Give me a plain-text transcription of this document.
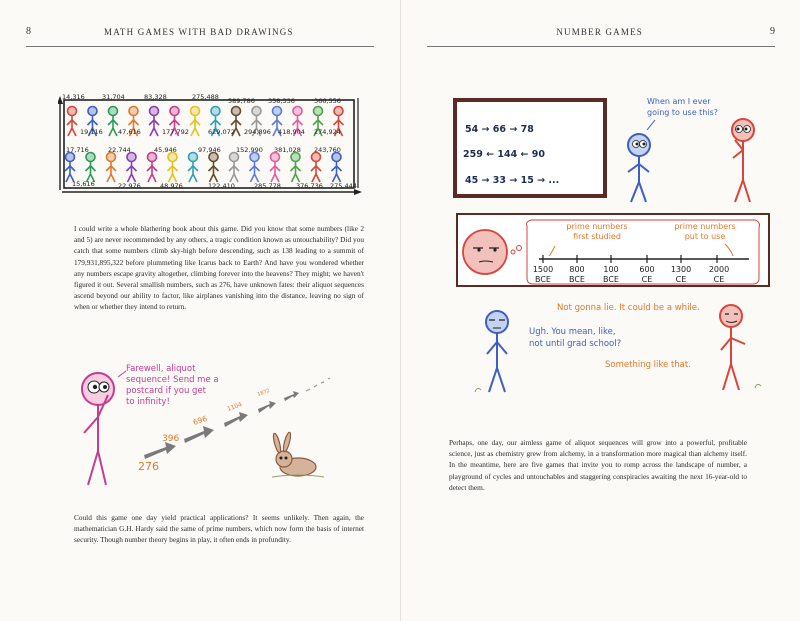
8	MATH GAMES WITH BAD DRAWINGS
14,316	31,704	83,328	275,488 589,786 358,336	366,556
19,116 47,616	177,792	629,072 294,896 418,904 274,924
17,716	22,744	45,946	97,946 152,990 381,028 243,760
15,616	22,976	48,976	122,410	285,778 376,736 275,444
I could write a whole blathering book about this game. Did you know that some numbers (like 2 and 5) are never recommended by any others, a tragic condition known as untouchability? Did you catch that some numbers climb sky-high before descending, such as 138 leading to a summit of 179,931,895,322 before plummeting like Icarus back to Earth? And have you wondered whether any numbers escape gravity altogether, climbing forever into the heavens? They might; we haven't figured it out. Several smallish numbers, such as 276, have unknown fates: their aliquot sequences ascend beyond our ability to factor, like airplanes vanishing into the distance, leaving no sign of when or whether they intend to return.
Farewell, aliquot
sequence! Send me a
postcard if you get
to infinity!
276
396
696
1104
1872
Could this game one day yield practical applications? It seems unlikely. Then again, the mathematician G.H. Hardy said the same of prime numbers, which now form the basis of internet security. Though number theory begins in play, it often ends in profundity.
NUMBER GAMES	9
54 → 66 → 78
259 ← 144 ← 90
45 → 33 → 15 → ...
When am I ever
going to use this?
prime numbers
first studied
prime numbers
put to use
1500
BCE
800
BCE
100
BCE
600
CE
1300
CE
2000
CE
Not gonna lie. It could be a while.
Ugh. You mean, like,
not until grad school?
Something like that.
Perhaps, one day, our aimless game of aliquot sequences will grow into a powerful, profitable science, just as chemistry grew from alchemy, in a transformation more magical than alchemy itself. In the meantime, here are five games that invite you to romp across the landscape of number, a playground of cycles and untouchables and staggering conspiracies awaiting the next 16-year-old to detect them.
